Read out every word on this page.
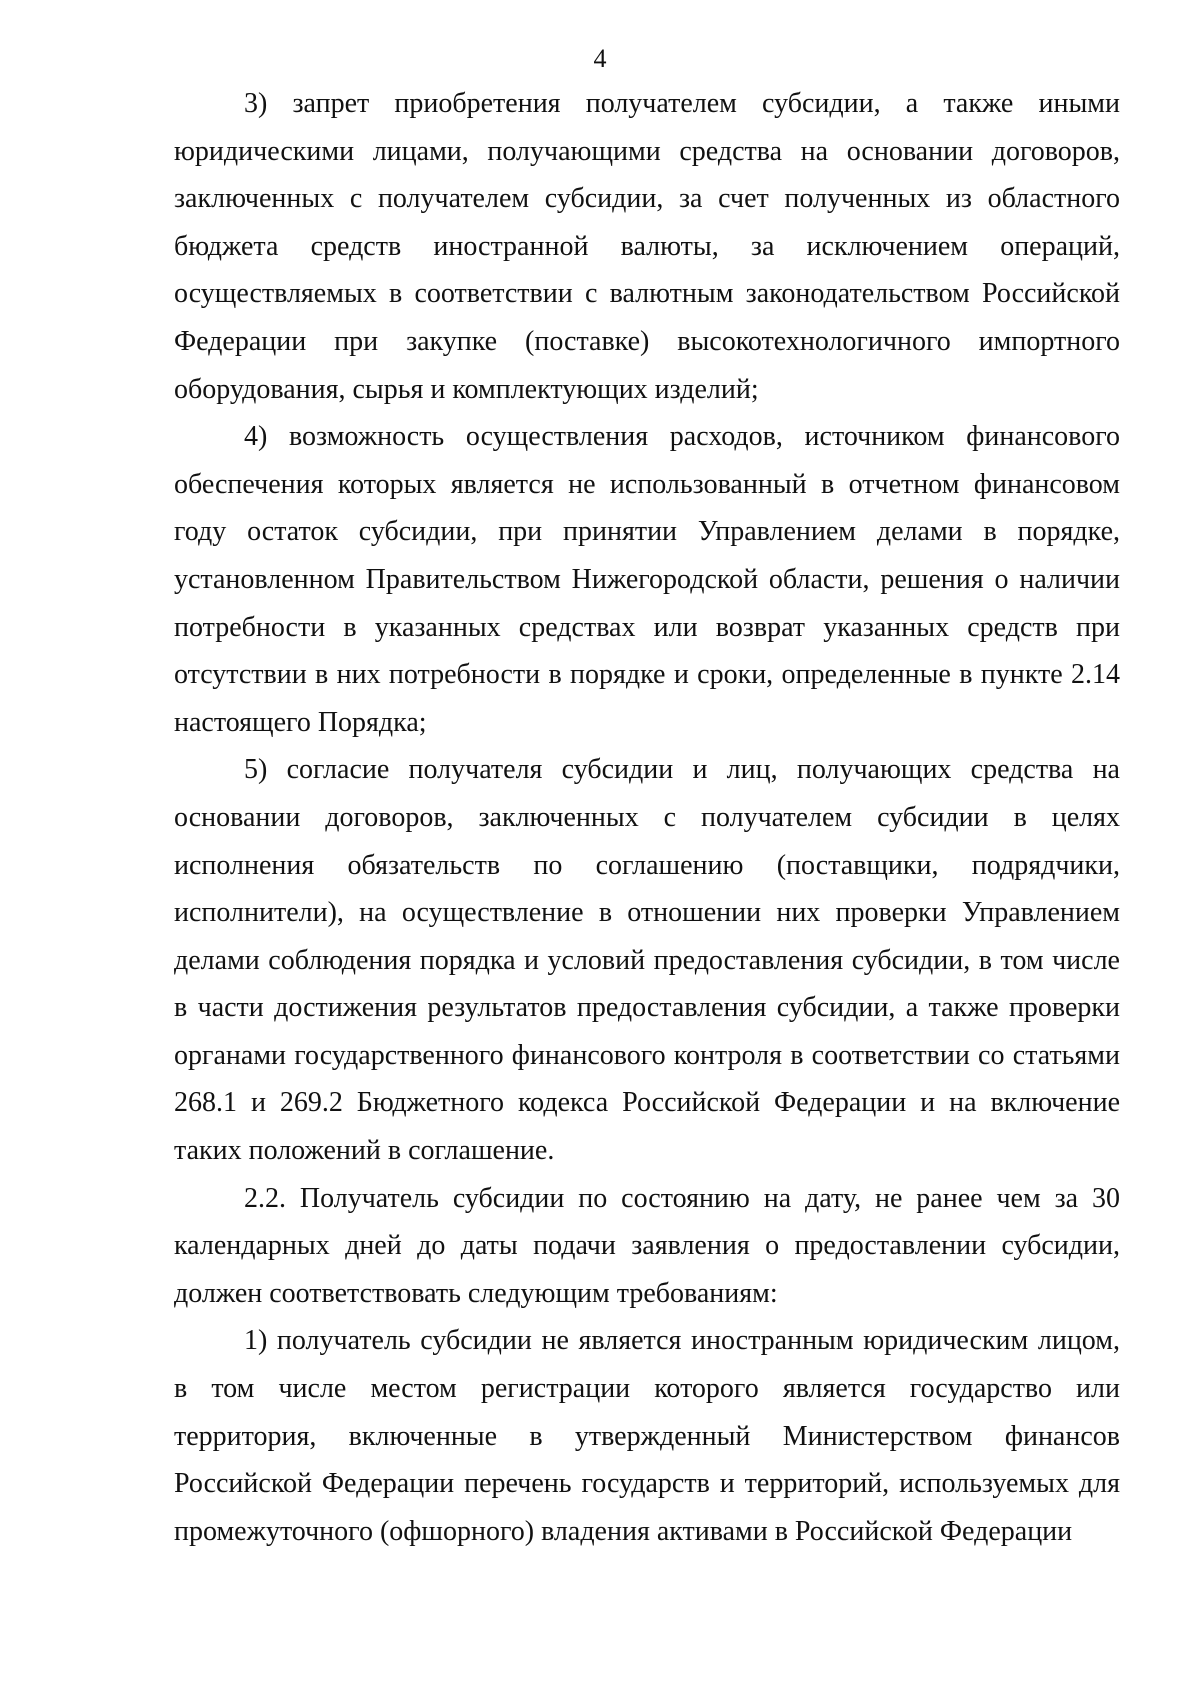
4

3) запрет приобретения получателем субсидии, а также иными юридическими лицами, получающими средства на основании договоров, заключенных с получателем субсидии, за счет полученных из областного бюджета средств иностранной валюты, за исключением операций, осуществляемых в соответствии с валютным законодательством Российской Федерации при закупке (поставке) высокотехнологичного импортного оборудования, сырья и комплектующих изделий;

4) возможность осуществления расходов, источником финансового обеспечения которых является не использованный в отчетном финансовом году остаток субсидии, при принятии Управлением делами в порядке, установленном Правительством Нижегородской области, решения о наличии потребности в указанных средствах или возврат указанных средств при отсутствии в них потребности в порядке и сроки, определенные в пункте 2.14 настоящего Порядка;

5) согласие получателя субсидии и лиц, получающих средства на основании договоров, заключенных с получателем субсидии в целях исполнения обязательств по соглашению (поставщики, подрядчики, исполнители), на осуществление в отношении них проверки Управлением делами соблюдения порядка и условий предоставления субсидии, в том числе в части достижения результатов предоставления субсидии, а также проверки органами государственного финансового контроля в соответствии со статьями 268.1 и 269.2 Бюджетного кодекса Российской Федерации и на включение таких положений в соглашение.

2.2. Получатель субсидии по состоянию на дату, не ранее чем за 30 календарных дней до даты подачи заявления о предоставлении субсидии, должен соответствовать следующим требованиям:

1) получатель субсидии не является иностранным юридическим лицом, в том числе местом регистрации которого является государство или территория, включенные в утвержденный Министерством финансов Российской Федерации перечень государств и территорий, используемых для промежуточного (офшорного) владения активами в Российской Федерации
